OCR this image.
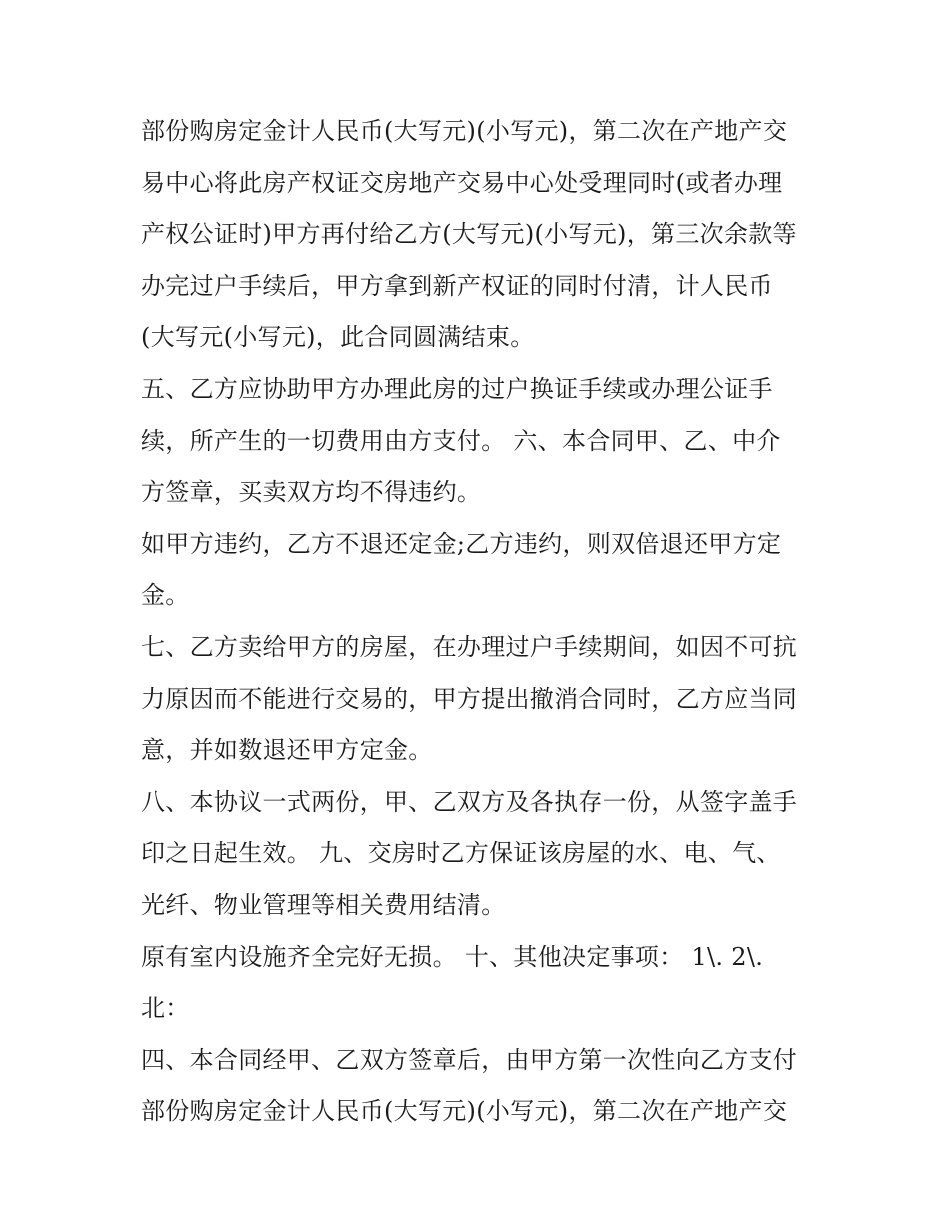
部份购房定金计人民币(大写元)(小写元)，第二次在产地产交
易中心将此房产权证交房地产交易中心处受理同时(或者办理
产权公证时)甲方再付给乙方(大写元)(小写元)，第三次余款等
办完过户手续后，甲方拿到新产权证的同时付清，计人民币
(大写元(小写元)，此合同圆满结束。
五、乙方应协助甲方办理此房的过户换证手续或办理公证手
续，所产生的一切费用由方支付。 六、本合同甲、乙、中介
方签章，买卖双方均不得违约。
如甲方违约，乙方不退还定金;乙方违约，则双倍退还甲方定
金。
七、乙方卖给甲方的房屋，在办理过户手续期间，如因不可抗
力原因而不能进行交易的，甲方提出撤消合同时，乙方应当同
意，并如数退还甲方定金。
八、本协议一式两份，甲、乙双方及各执存一份，从签字盖手
印之日起生效。 九、交房时乙方保证该房屋的水、电、气、
光纤、物业管理等相关费用结清。
原有室内设施齐全完好无损。 十、其他决定事项： 1\. 2\.
北：
四、本合同经甲、乙双方签章后，由甲方第一次性向乙方支付
部份购房定金计人民币(大写元)(小写元)，第二次在产地产交
